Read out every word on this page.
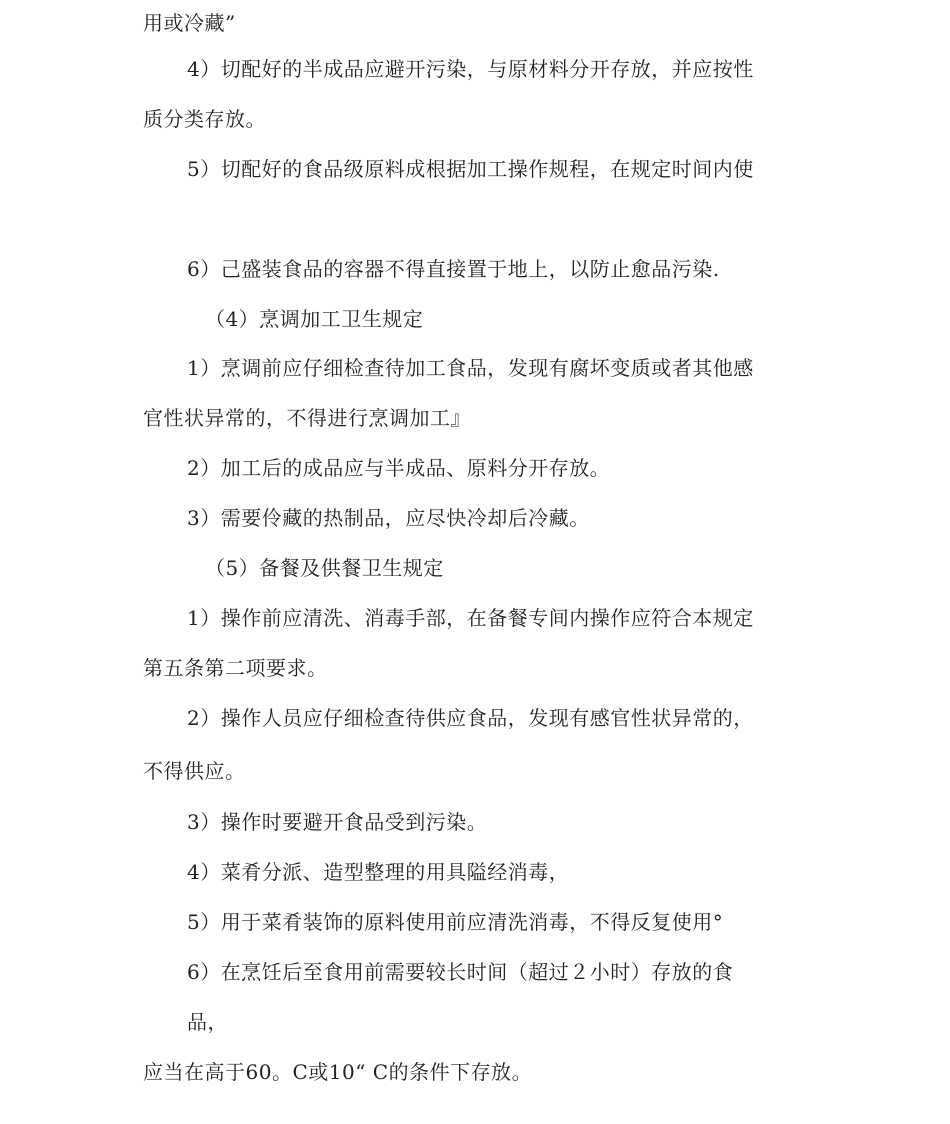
用或冷藏”
4）切配好的半成品应避开污染，与原材料分开存放，并应按性
质分类存放。
5）切配好的食品级原料成根据加工操作规程，在规定时间内使
6）己盛装食品的容器不得直接置于地上，以防止愈品污染.
（4）烹调加工卫生规定
1）烹调前应仔细检查待加工食品，发现有腐坏变质或者其他感
官性状异常的，不得进行烹调加工』
2）加工后的成品应与半成品、原料分开存放。
3）需要伶藏的热制品，应尽快冷却后冷藏。
（5）备餐及供餐卫生规定
1）操作前应清洗、消毒手部，在备餐专间内操作应符合本规定
第五条第二项要求。
2）操作人员应仔细检查待供应食品，发现有感官性状异常的，
不得供应。
3）操作时要避开食品受到污染。
4）菜肴分派、造型整理的用具隘经消毒，
5）用于菜肴装饰的原料使用前应清洗消毒，不得反复使用°
6）在烹饪后至食用前需要较长时间（超过２小时）存放的食
品，
应当在高于60。C或10“ C的条件下存放。
